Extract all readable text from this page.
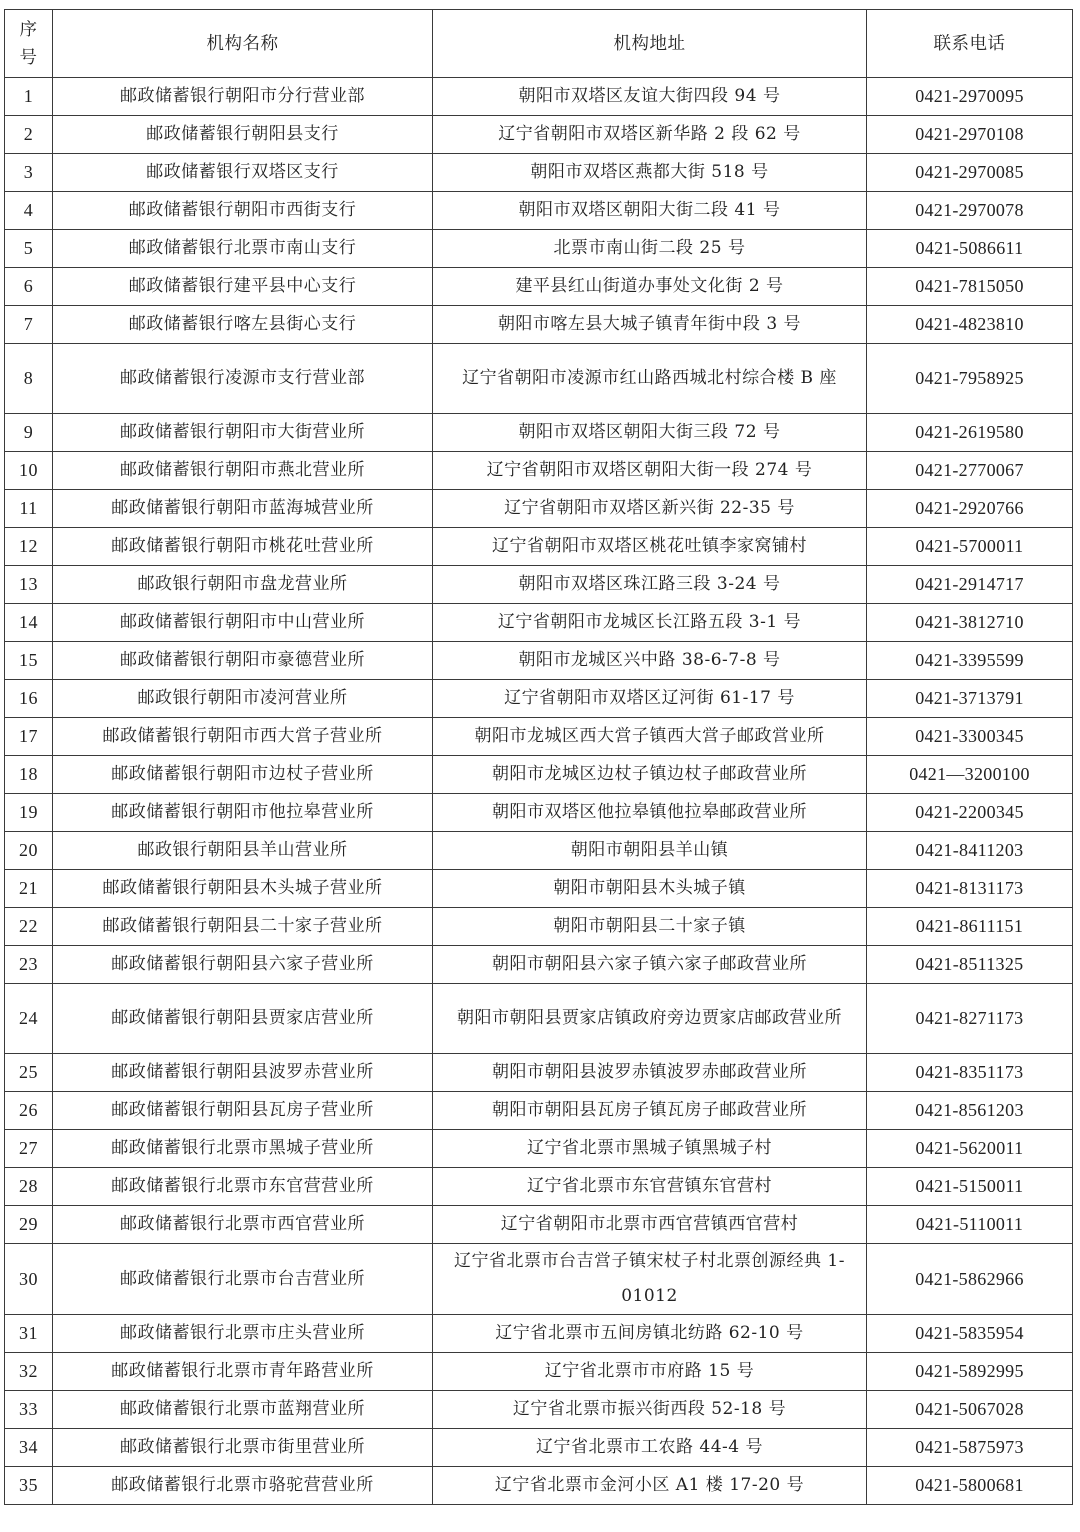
序
号	机构名称	机构地址	联系电话
1	邮政储蓄银行朝阳市分行营业部	朝阳市双塔区友谊大街四段 94 号	0421-2970095
2	邮政储蓄银行朝阳县支行	辽宁省朝阳市双塔区新华路 2 段 62 号	0421-2970108
3	邮政储蓄银行双塔区支行	朝阳市双塔区燕都大街 518 号	0421-2970085
4	邮政储蓄银行朝阳市西街支行	朝阳市双塔区朝阳大街二段 41 号	0421-2970078
5	邮政储蓄银行北票市南山支行	北票市南山街二段 25 号	0421-5086611
6	邮政储蓄银行建平县中心支行	建平县红山街道办事处文化街 2 号	0421-7815050
7	邮政储蓄银行喀左县街心支行	朝阳市喀左县大城子镇青年街中段 3 号	0421-4823810
8	邮政储蓄银行凌源市支行营业部	辽宁省朝阳市凌源市红山路西城北村综合楼 B 座	0421-7958925
9	邮政储蓄银行朝阳市大街营业所	朝阳市双塔区朝阳大街三段 72 号	0421-2619580
10	邮政储蓄银行朝阳市燕北营业所	辽宁省朝阳市双塔区朝阳大街一段 274 号	0421-2770067
11	邮政储蓄银行朝阳市蓝海城营业所	辽宁省朝阳市双塔区新兴街 22-35 号	0421-2920766
12	邮政储蓄银行朝阳市桃花吐营业所	辽宁省朝阳市双塔区桃花吐镇李家窝铺村	0421-5700011
13	邮政银行朝阳市盘龙营业所	朝阳市双塔区珠江路三段 3-24 号	0421-2914717
14	邮政储蓄银行朝阳市中山营业所	辽宁省朝阳市龙城区长江路五段 3-1 号	0421-3812710
15	邮政储蓄银行朝阳市豪德营业所	朝阳市龙城区兴中路 38-6-7-8 号	0421-3395599
16	邮政银行朝阳市凌河营业所	辽宁省朝阳市双塔区辽河街 61-17 号	0421-3713791
17	邮政储蓄银行朝阳市西大営子营业所	朝阳市龙城区西大営子镇西大営子邮政営业所	0421-3300345
18	邮政储蓄银行朝阳市边杖子营业所	朝阳市龙城区边杖子镇边杖子邮政营业所	0421—3200100
19	邮政储蓄银行朝阳市他拉皋营业所	朝阳市双塔区他拉皋镇他拉皋邮政营业所	0421-2200345
20	邮政银行朝阳县羊山营业所	朝阳市朝阳县羊山镇	0421-8411203
21	邮政储蓄银行朝阳县木头城子营业所	朝阳市朝阳县木头城子镇	0421-8131173
22	邮政储蓄银行朝阳县二十家子营业所	朝阳市朝阳县二十家子镇	0421-8611151
23	邮政储蓄银行朝阳县六家子营业所	朝阳市朝阳县六家子镇六家子邮政营业所	0421-8511325
24	邮政储蓄银行朝阳县贾家店营业所	朝阳市朝阳县贾家店镇政府旁边贾家店邮政营业所	0421-8271173
25	邮政储蓄银行朝阳县波罗赤营业所	朝阳市朝阳县波罗赤镇波罗赤邮政营业所	0421-8351173
26	邮政储蓄银行朝阳县瓦房子营业所	朝阳市朝阳县瓦房子镇瓦房子邮政营业所	0421-8561203
27	邮政储蓄银行北票市黑城子营业所	辽宁省北票市黑城子镇黑城子村	0421-5620011
28	邮政储蓄银行北票市东官营营业所	辽宁省北票市东官营镇东官营村	0421-5150011
29	邮政储蓄银行北票市西官营业所	辽宁省朝阳市北票市西官营镇西官营村	0421-5110011
30	邮政储蓄银行北票市台吉营业所	辽宁省北票市台吉営子镇宋杖子村北票创源经典 1-01012	0421-5862966
31	邮政储蓄银行北票市庄头营业所	辽宁省北票市五间房镇北纺路 62-10 号	0421-5835954
32	邮政储蓄银行北票市青年路营业所	辽宁省北票市市府路 15 号	0421-5892995
33	邮政储蓄银行北票市蓝翔营业所	辽宁省北票市振兴街西段 52-18 号	0421-5067028
34	邮政储蓄银行北票市街里营业所	辽宁省北票市工农路 44-4 号	0421-5875973
35	邮政储蓄银行北票市骆驼营营业所	辽宁省北票市金河小区 A1 楼 17-20 号	0421-5800681
